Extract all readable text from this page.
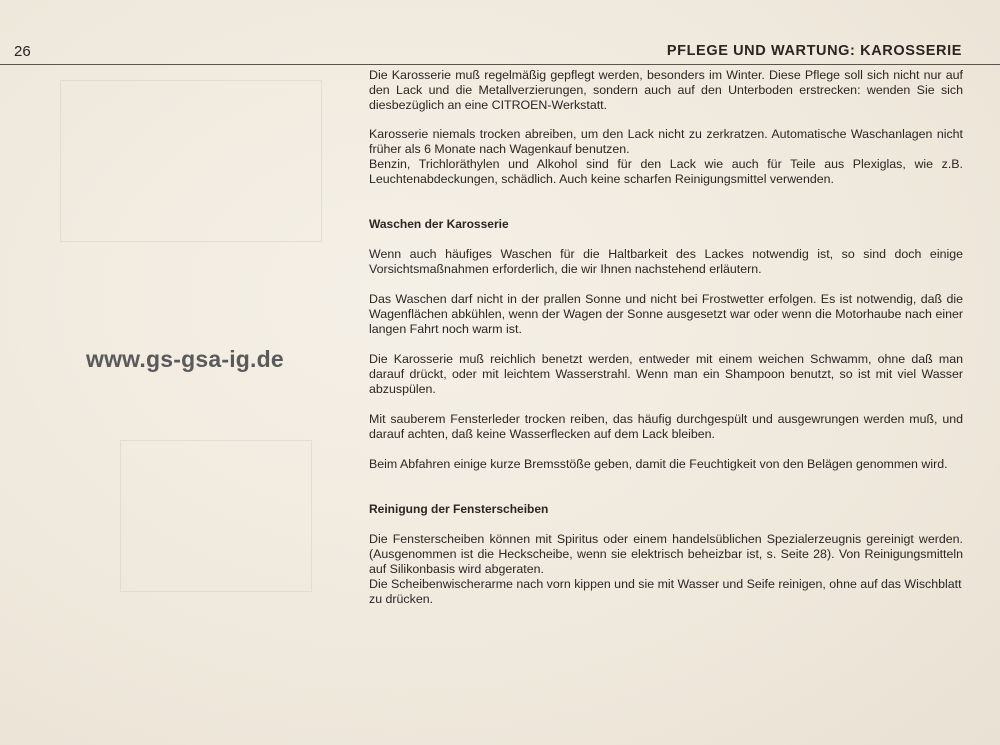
26	PFLEGE UND WARTUNG: KAROSSERIE
www.gs-gsa-ig.de

Die Karosserie muß regelmäßig gepflegt werden, besonders im Winter. Diese Pflege soll sich nicht nur auf den Lack und die Metallverzierungen, sondern auch auf den Unterboden erstrecken: wenden Sie sich diesbezüglich an eine CITROEN-Werkstatt.

Karosserie niemals trocken abreiben, um den Lack nicht zu zerkratzen. Automatische Waschanlagen nicht früher als 6 Monate nach Wagenkauf benutzen.

Benzin, Trichloräthylen und Alkohol sind für den Lack wie auch für Teile aus Plexiglas, wie z.B. Leuchtenabdeckungen, schädlich. Auch keine scharfen Reinigungsmittel verwenden.

Waschen der Karosserie

Wenn auch häufiges Waschen für die Haltbarkeit des Lackes notwendig ist, so sind doch einige Vorsichtsmaßnahmen erforderlich, die wir Ihnen nachstehend erläutern.

Das Waschen darf nicht in der prallen Sonne und nicht bei Frostwetter erfolgen. Es ist notwendig, daß die Wagenflächen abkühlen, wenn der Wagen der Sonne ausgesetzt war oder wenn die Motorhaube nach einer langen Fahrt noch warm ist.

Die Karosserie muß reichlich benetzt werden, entweder mit einem weichen Schwamm, ohne daß man darauf drückt, oder mit leichtem Wasserstrahl. Wenn man ein Shampoon benutzt, so ist mit viel Wasser abzuspülen.

Mit sauberem Fensterleder trocken reiben, das häufig durchgespült und ausgewrungen werden muß, und darauf achten, daß keine Wasserflecken auf dem Lack bleiben.

Beim Abfahren einige kurze Bremsstöße geben, damit die Feuchtigkeit von den Belägen genommen wird.

Reinigung der Fensterscheiben

Die Fensterscheiben können mit Spiritus oder einem handelsüblichen Spezialerzeugnis gereinigt werden. (Ausgenommen ist die Heckscheibe, wenn sie elektrisch beheizbar ist, s. Seite 28). Von Reinigungsmitteln auf Silikonbasis wird abgeraten.

Die Scheibenwischerarme nach vorn kippen und sie mit Wasser und Seife reinigen, ohne auf das Wischblatt zu drücken.
